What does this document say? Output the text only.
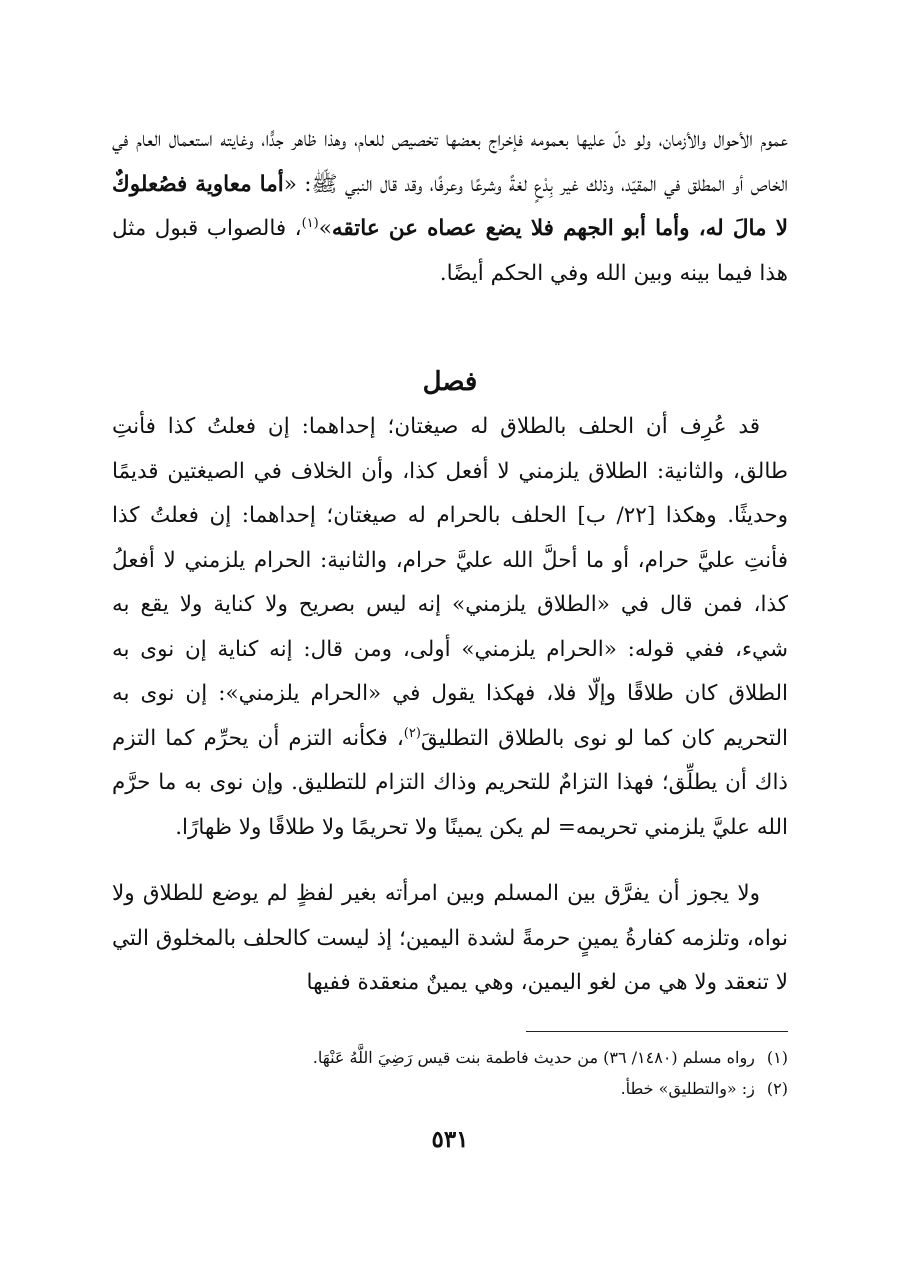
عموم الأحوال والأزمان، ولو دلّ عليها بعمومه فإخراج بعضها تخصيص للعام، وهذا ظاهر جدًّا، وغايته استعمال العام في الخاص أو المطلق في المقيّد، وذلك غير بِدْعٍ لغةً وشرعًا وعرفًا، وقد قال النبي ﷺ: «أما معاوية فصُعلوكٌ لا مالَ له، وأما أبو الجهم فلا يضع عصاه عن عاتقه»$^{(١)}$، فالصواب قبول مثل هذا فيما بينه وبين الله وفي الحكم أيضًا.
فصل
قد عُرِف أن الحلف بالطلاق له صيغتان؛ إحداهما: إن فعلتُ كذا فأنتِ طالق، والثانية: الطلاق يلزمني لا أفعل كذا، وأن الخلاف في الصيغتين قديمًا وحديثًا. وهكذا [٢٢/ ب] الحلف بالحرام له صيغتان؛ إحداهما: إن فعلتُ كذا فأنتِ عليَّ حرام، أو ما أحلَّ الله عليَّ حرام، والثانية: الحرام يلزمني لا أفعلُ كذا، فمن قال في «الطلاق يلزمني» إنه ليس بصريح ولا كناية ولا يقع به شيء، ففي قوله: «الحرام يلزمني» أولى، ومن قال: إنه كناية إن نوى به الطلاق كان طلاقًا وإلّا فلا، فهكذا يقول في «الحرام يلزمني»: إن نوى به التحريم كان كما لو نوى بالطلاق التطليقَ$^{(٢)}$، فكأنه التزم أن يحرِّم كما التزم ذاك أن يطلِّق؛ فهذا التزامٌ للتحريم وذاك التزام للتطليق. وإن نوى به ما حرَّم الله عليَّ يلزمني تحريمه= لم يكن يمينًا ولا تحريمًا ولا طلاقًا ولا ظهارًا.
ولا يجوز أن يفرَّق بين المسلم وبين امرأته بغير لفظٍ لم يوضع للطلاق ولا نواه، وتلزمه كفارةُ يمينٍ حرمةً لشدة اليمين؛ إذ ليست كالحلف بالمخلوق التي لا تنعقد ولا هي من لغو اليمين، وهي يمينٌ منعقدة ففيها
(١)رواه مسلم (١٤٨٠/ ٣٦) من حديث فاطمة بنت قيس رَضِيَ اللَّهُ عَنْهَا.
(٢)ز: «والتطليق» خطأ.
٥٣١
